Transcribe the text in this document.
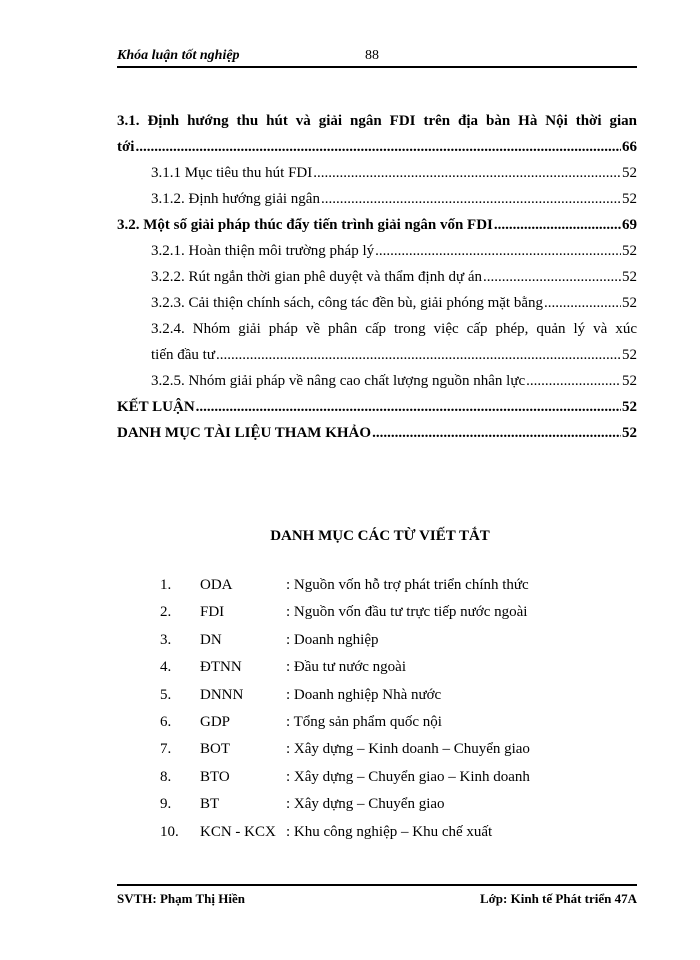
Khóa luận tốt nghiệp	88
3.1. Định hướng thu hút và giải ngân FDI trên địa bàn Hà Nội thời gian
tới .....	66
3.1.1 Mục tiêu thu hút FDI .....	52
3.1.2. Định hướng giải ngân .....	52
3.2. Một số giải pháp thúc đẩy tiến trình giải ngân vốn FDI .....	69
3.2.1. Hoàn thiện môi trường pháp lý .....	52
3.2.2. Rút ngắn thời gian phê duyệt và thẩm định dự án .....	52
3.2.3. Cải thiện chính sách, công tác đền bù, giải phóng mặt bằng .....	52
3.2.4. Nhóm giải pháp về phân cấp trong việc cấp phép, quản lý và xúc
tiến đầu tư .....	52
3.2.5. Nhóm giải pháp về nâng cao chất lượng nguồn nhân lực .....	52
KẾT LUẬN .....	52
DANH MỤC TÀI LIỆU THAM KHẢO .....	52
DANH MỤC CÁC TỪ VIẾT TẮT
1.	ODA	: Nguồn vốn hỗ trợ phát triển chính thức
2.	FDI	: Nguồn vốn đầu tư trực tiếp nước ngoài
3.	DN	: Doanh nghiệp
4.	ĐTNN	: Đầu tư nước ngoài
5.	DNNN	: Doanh nghiệp Nhà nước
6.	GDP	: Tổng sản phẩm quốc nội
7.	BOT	: Xây dựng – Kinh doanh – Chuyển giao
8.	BTO	: Xây dựng – Chuyển giao – Kinh doanh
9.	BT	: Xây dựng – Chuyển giao
10.	KCN - KCX : Khu công nghiệp – Khu chế xuất
SVTH: Phạm Thị Hiền	Lớp: Kinh tế Phát triển 47A
